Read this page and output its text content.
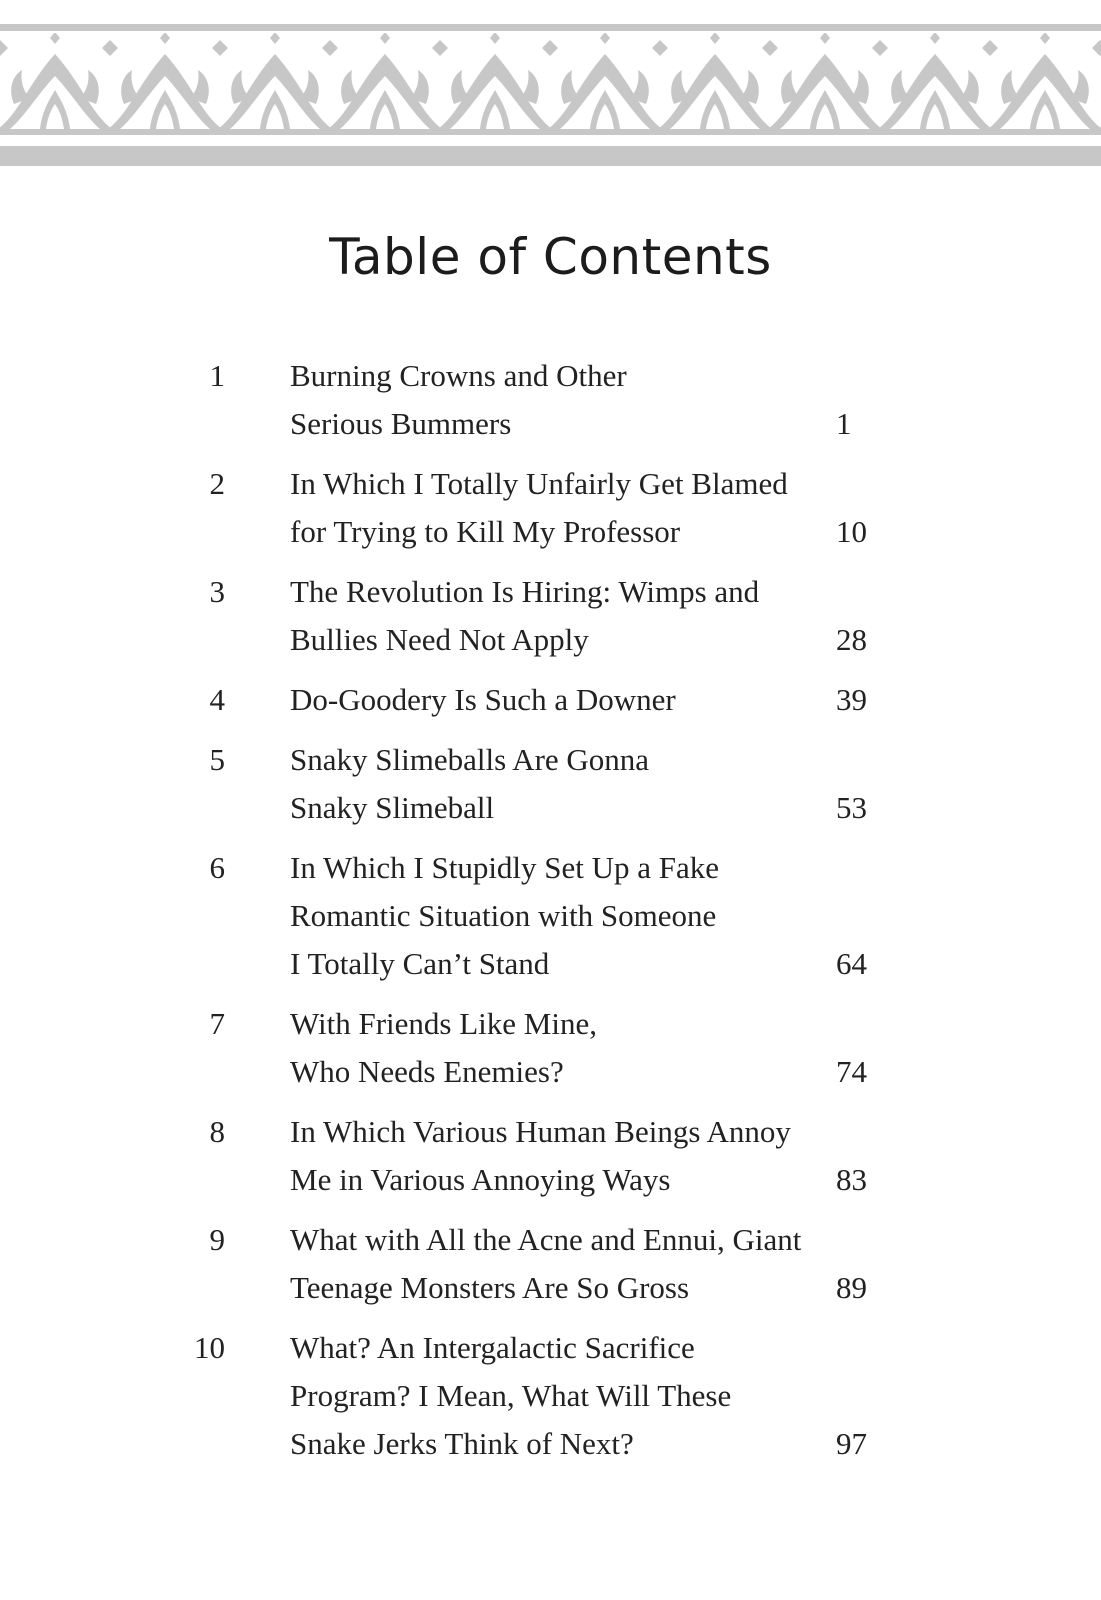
Table of Contents
1 Burning Crowns and Other
Serious Bummers	1
2 In Which I Totally Unfairly Get Blamed
for Trying to Kill My Professor	10
3 The Revolution Is Hiring: Wimps and
Bullies Need Not Apply	28
4 Do-Goodery Is Such a Downer	39
5 Snaky Slimeballs Are Gonna
Snaky Slimeball	53
6 In Which I Stupidly Set Up a Fake
Romantic Situation with Someone
I Totally Can’t Stand	64
7 With Friends Like Mine,
Who Needs Enemies?	74
8 In Which Various Human Beings Annoy
Me in Various Annoying Ways	83
9 What with All the Acne and Ennui, Giant
Teenage Monsters Are So Gross	89
10 What? An Intergalactic Sacrifice
Program? I Mean, What Will These
Snake Jerks Think of Next?	97
